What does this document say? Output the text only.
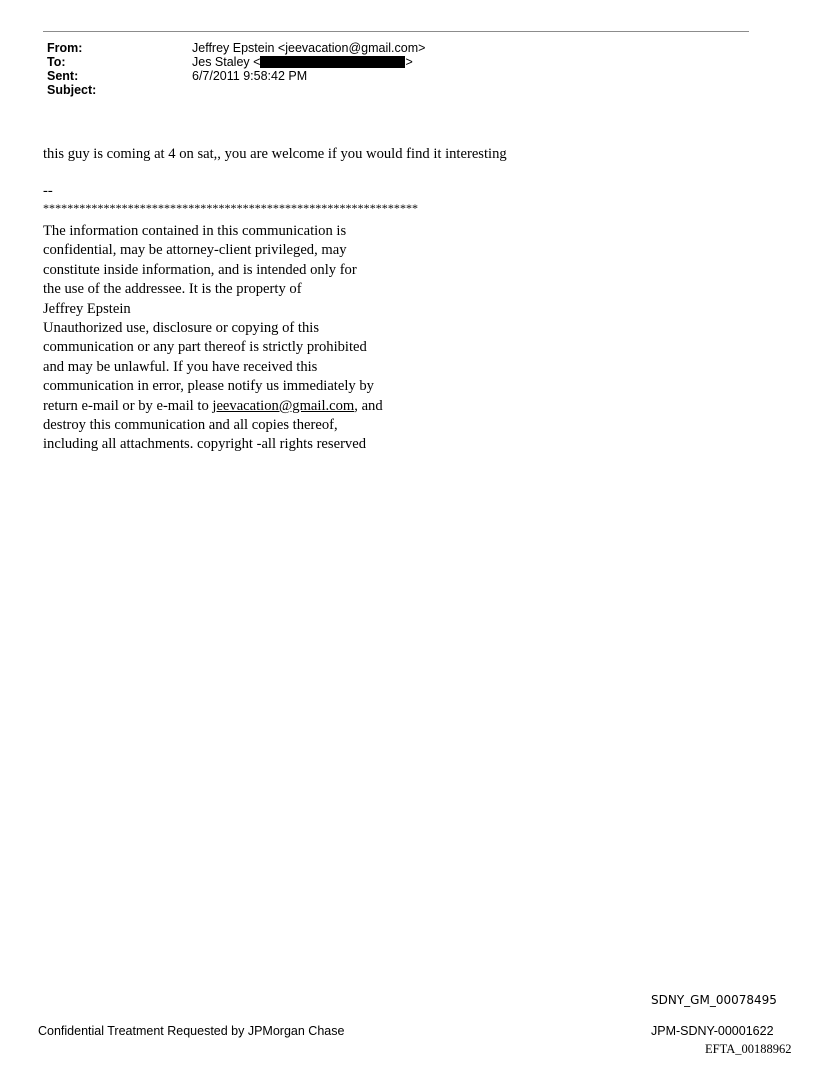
From:	Jeffrey Epstein <jeevacation@gmail.com>
To:	Jes Staley <	>
Sent:	6/7/2011 9:58:42 PM
Subject:
this guy is coming at 4 on sat,, you are welcome if you would find it interesting
--
**************************************************************
The information contained in this communication is
confidential, may be attorney-client privileged, may
constitute inside information, and is intended only for
the use of the addressee. It is the property of
Jeffrey Epstein
Unauthorized use, disclosure or copying of this
communication or any part thereof is strictly prohibited
and may be unlawful. If you have received this
communication in error, please notify us immediately by
return e-mail or by e-mail to jeevacation@gmail.com, and
destroy this communication and all copies thereof,
including all attachments. copyright -all rights reserved
SDNY_GM_00078495
Confidential Treatment Requested by JPMorgan Chase	JPM-SDNY-00001622
EFTA_00188962
